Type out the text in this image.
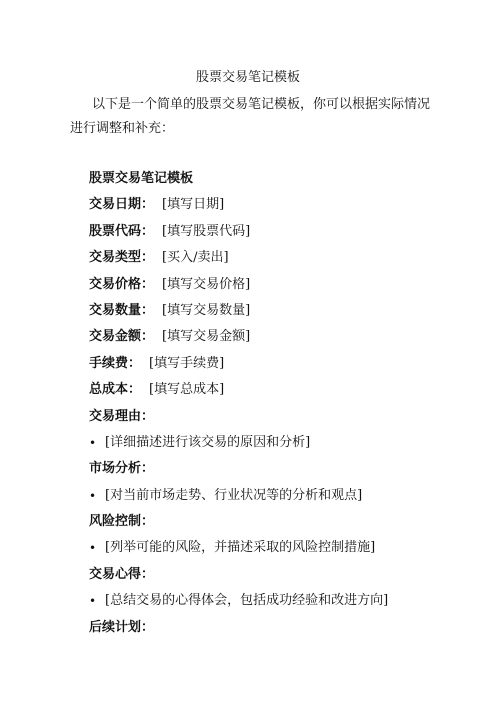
股票交易笔记模板
以下是一个简单的股票交易笔记模板，你可以根据实际情况进行调整和补充：
股票交易笔记模板
交易日期： [填写日期]
股票代码： [填写股票代码]
交易类型： [买入/卖出]
交易价格： [填写交易价格]
交易数量： [填写交易数量]
交易金额： [填写交易金额]
手续费： [填写手续费]
总成本： [填写总成本]
交易理由：
• [详细描述进行该交易的原因和分析]
市场分析：
• [对当前市场走势、行业状况等的分析和观点]
风险控制：
• [列举可能的风险，并描述采取的风险控制措施]
交易心得：
• [总结交易的心得体会，包括成功经验和改进方向]
后续计划：
